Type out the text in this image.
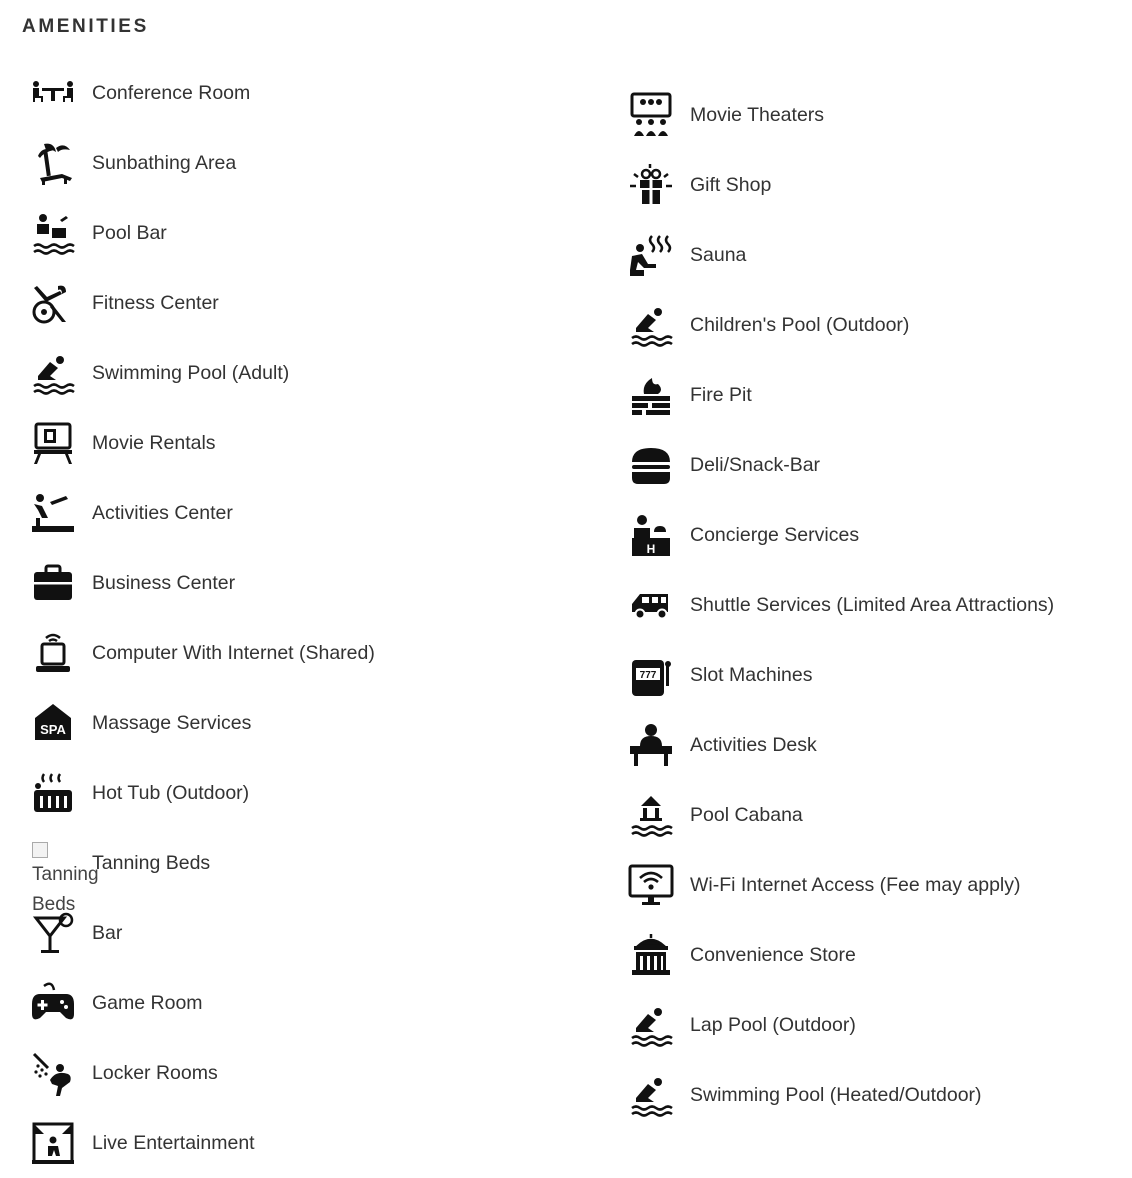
AMENITIES
Conference Room
Sunbathing Area
Pool Bar
Fitness Center
Swimming Pool (Adult)
Movie Rentals
Activities Center
Business Center
Computer With Internet (Shared)
SPA Massage Services
Hot Tub (Outdoor)
Tanning Beds
Tanning Beds
Bar
Game Room
Locker Rooms
Live Entertainment
Movie Theaters
Gift Shop
Sauna
Children's Pool (Outdoor)
Fire Pit
Deli/Snack-Bar
H
Concierge Services
Shuttle Services (Limited Area Attractions)
777 Slot Machines
Activities Desk
Pool Cabana
Wi-Fi Internet Access (Fee may apply)
Convenience Store
Lap Pool (Outdoor)
Swimming Pool (Heated/Outdoor)
